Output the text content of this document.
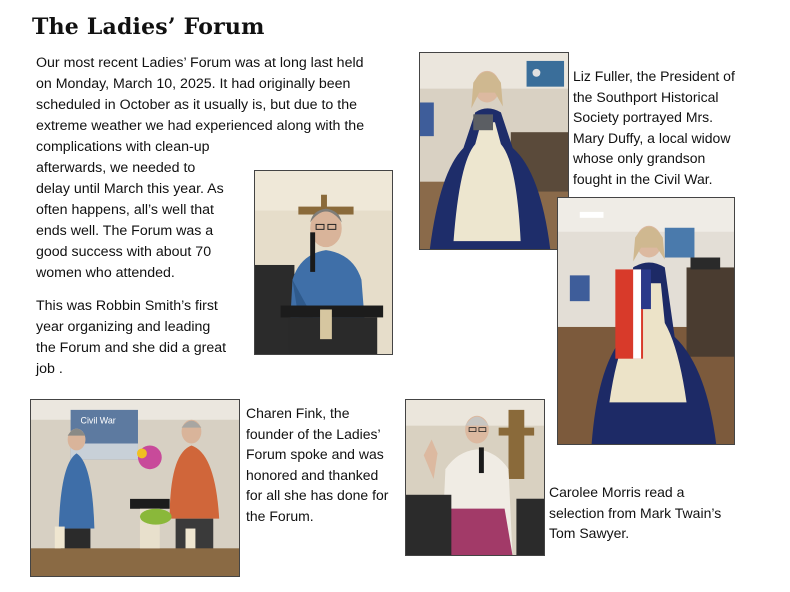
The Ladies’ Forum
Our most recent Ladies’ Forum was at long last held
on Monday, March 10, 2025. It had originally been
scheduled in October as it usually is, but due to the
extreme weather we had experienced along with the
complications with clean-up
afterwards, we needed to
delay until March this year. As
often happens, all’s well that
ends well. The Forum was a
good success with about 70
women who attended.
This was Robbin Smith’s first
year organizing and leading
the Forum and she did a great
job .
Civil War
Liz Fuller, the President of
the Southport Historical
Society portrayed Mrs.
Mary Duffy, a local widow
whose only grandson
fought in the Civil War.
Charen Fink, the
founder of the Ladies’
Forum spoke and was
honored and thanked
for all she has done for
the Forum.
Carolee Morris read a
selection from Mark Twain’s
Tom Sawyer.
